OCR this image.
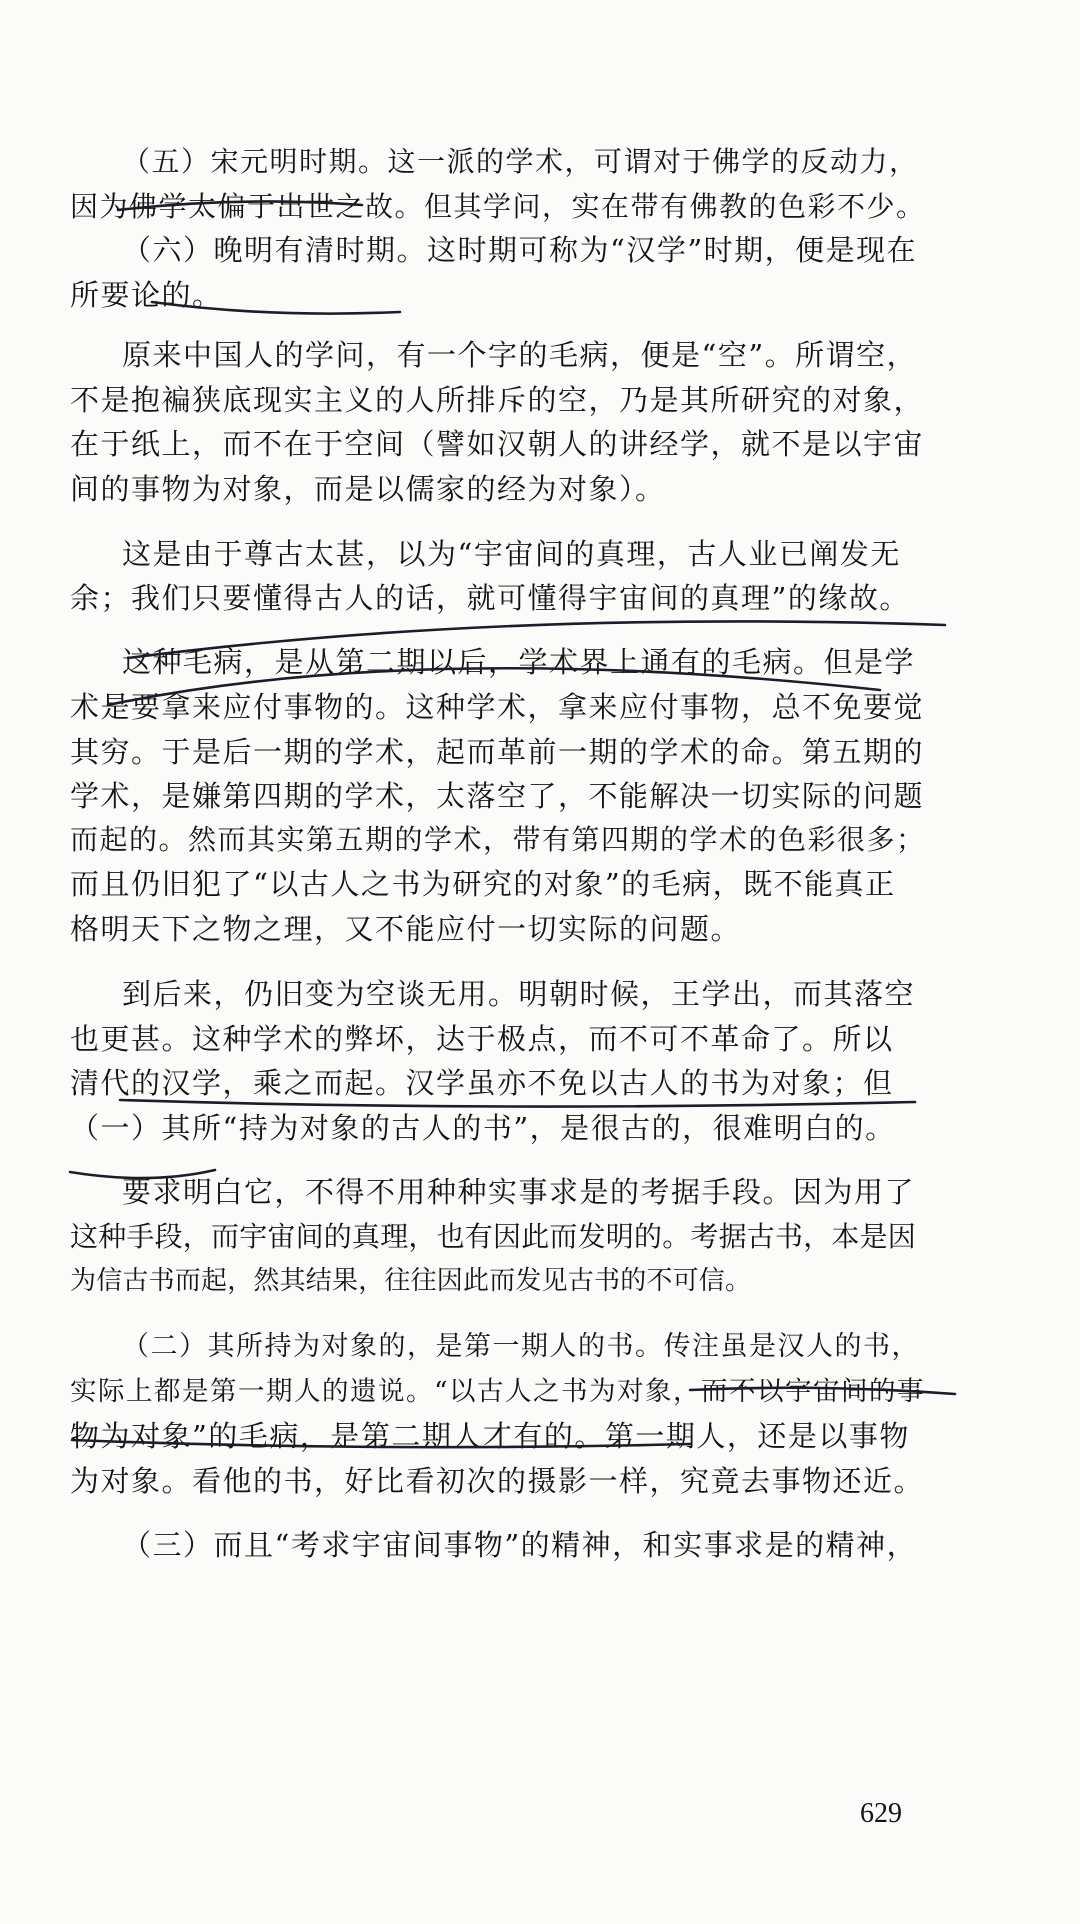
（五）宋元明时期。这一派的学术，可谓对于佛学的反动力，
因为佛学太偏于出世之故。但其学问，实在带有佛教的色彩不少。
（六）晚明有清时期。这时期可称为“汉学”时期，便是现在
所要论的。
原来中国人的学问，有一个字的毛病，便是“空”。所谓空，
不是抱褊狭底现实主义的人所排斥的空，乃是其所研究的对象，
在于纸上，而不在于空间（譬如汉朝人的讲经学，就不是以宇宙
间的事物为对象，而是以儒家的经为对象）。
这是由于尊古太甚，以为“宇宙间的真理，古人业已阐发无
余；我们只要懂得古人的话，就可懂得宇宙间的真理”的缘故。
这种毛病，是从第二期以后，学术界上通有的毛病。但是学
术是要拿来应付事物的。这种学术，拿来应付事物，总不免要觉
其穷。于是后一期的学术，起而革前一期的学术的命。第五期的
学术，是嫌第四期的学术，太落空了，不能解决一切实际的问题
而起的。然而其实第五期的学术，带有第四期的学术的色彩很多；
而且仍旧犯了“以古人之书为研究的对象”的毛病，既不能真正
格明天下之物之理，又不能应付一切实际的问题。
到后来，仍旧变为空谈无用。明朝时候，王学出，而其落空
也更甚。这种学术的弊坏，达于极点，而不可不革命了。所以
清代的汉学，乘之而起。汉学虽亦不免以古人的书为对象；但
（一）其所“持为对象的古人的书”，是很古的，很难明白的。
要求明白它，不得不用种种实事求是的考据手段。因为用了
这种手段，而宇宙间的真理，也有因此而发明的。考据古书，本是因
为信古书而起，然其结果，往往因此而发见古书的不可信。
（二）其所持为对象的，是第一期人的书。传注虽是汉人的书，
实际上都是第一期人的遗说。“以古人之书为对象，而不以宇宙间的事
物为对象”的毛病，是第二期人才有的。第一期人，还是以事物
为对象。看他的书，好比看初次的摄影一样，究竟去事物还近。
（三）而且“考求宇宙间事物”的精神，和实事求是的精神，
629
